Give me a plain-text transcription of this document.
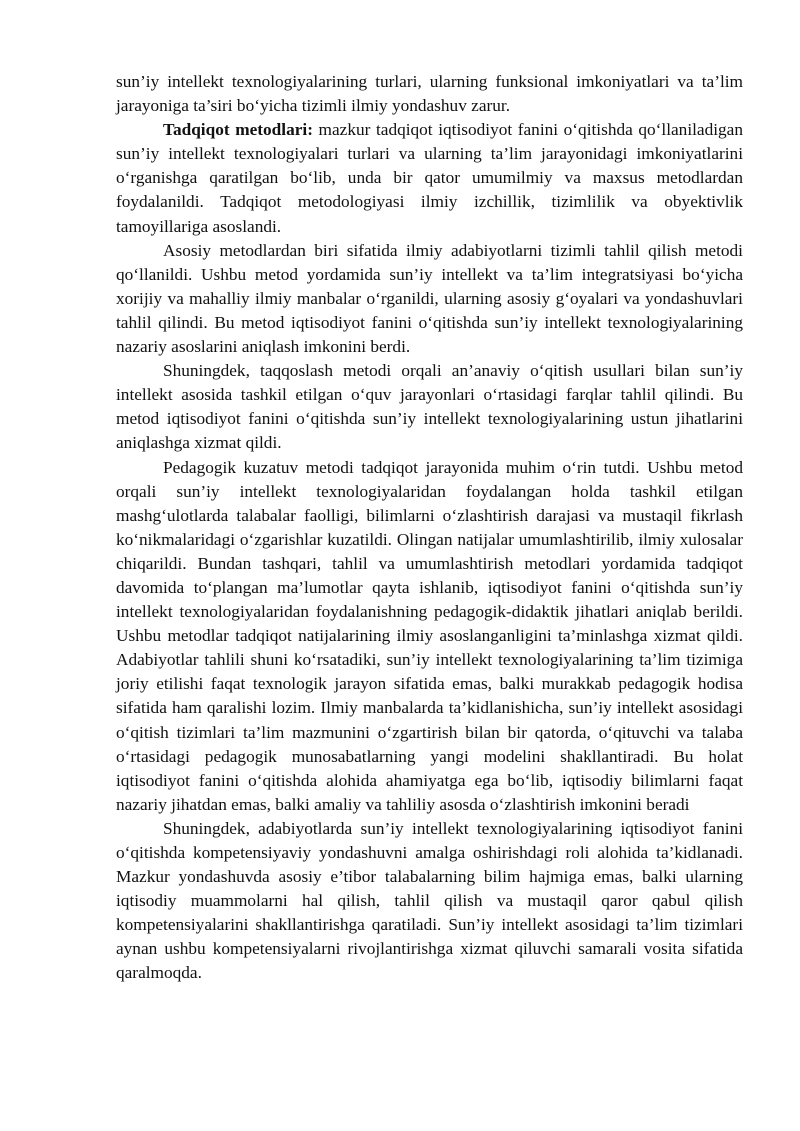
sun’iy intellekt texnologiyalarining turlari, ularning funksional imkoniyatlari va ta’lim jarayoniga ta’siri bo‘yicha tizimli ilmiy yondashuv zarur.

Tadqiqot metodlari: mazkur tadqiqot iqtisodiyot fanini o‘qitishda qo‘llaniladigan sun’iy intellekt texnologiyalari turlari va ularning ta’lim jarayonidagi imkoniyatlarini o‘rganishga qaratilgan bo‘lib, unda bir qator umumilmiy va maxsus metodlardan foydalanildi. Tadqiqot metodologiyasi ilmiy izchillik, tizimlilik va obyektivlik tamoyillariga asoslandi.

Asosiy metodlardan biri sifatida ilmiy adabiyotlarni tizimli tahlil qilish metodi qo‘llanildi. Ushbu metod yordamida sun’iy intellekt va ta’lim integratsiyasi bo‘yicha xorijiy va mahalliy ilmiy manbalar o‘rganildi, ularning asosiy g‘oyalari va yondashuvlari tahlil qilindi. Bu metod iqtisodiyot fanini o‘qitishda sun’iy intellekt texnologiyalarining nazariy asoslarini aniqlash imkonini berdi.

Shuningdek, taqqoslash metodi orqali an’anaviy o‘qitish usullari bilan sun’iy intellekt asosida tashkil etilgan o‘quv jarayonlari o‘rtasidagi farqlar tahlil qilindi. Bu metod iqtisodiyot fanini o‘qitishda sun’iy intellekt texnologiyalarining ustun jihatlarini aniqlashga xizmat qildi.

Pedagogik kuzatuv metodi tadqiqot jarayonida muhim o‘rin tutdi. Ushbu metod orqali sun’iy intellekt texnologiyalaridan foydalangan holda tashkil etilgan mashg‘ulotlarda talabalar faolligi, bilimlarni o‘zlashtirish darajasi va mustaqil fikrlash ko‘nikmalaridagi o‘zgarishlar kuzatildi. Olingan natijalar umumlashtirilib, ilmiy xulosalar chiqarildi. Bundan tashqari, tahlil va umumlashtirish metodlari yordamida tadqiqot davomida to‘plangan ma’lumotlar qayta ishlanib, iqtisodiyot fanini o‘qitishda sun’iy intellekt texnologiyalaridan foydalanishning pedagogik-didaktik jihatlari aniqlab berildi. Ushbu metodlar tadqiqot natijalarining ilmiy asoslanganligini ta’minlashga xizmat qildi. Adabiyotlar tahlili shuni ko‘rsatadiki, sun’iy intellekt texnologiyalarining ta’lim tizimiga joriy etilishi faqat texnologik jarayon sifatida emas, balki murakkab pedagogik hodisa sifatida ham qaralishi lozim. Ilmiy manbalarda ta’kidlanishicha, sun’iy intellekt asosidagi o‘qitish tizimlari ta’lim mazmunini o‘zgartirish bilan bir qatorda, o‘qituvchi va talaba o‘rtasidagi pedagogik munosabatlarning yangi modelini shakllantiradi. Bu holat iqtisodiyot fanini o‘qitishda alohida ahamiyatga ega bo‘lib, iqtisodiy bilimlarni faqat nazariy jihatdan emas, balki amaliy va tahliliy asosda o‘zlashtirish imkonini beradi

Shuningdek, adabiyotlarda sun’iy intellekt texnologiyalarining iqtisodiyot fanini o‘qitishda kompetensiyaviy yondashuvni amalga oshirishdagi roli alohida ta’kidlanadi. Mazkur yondashuvda asosiy e’tibor talabalarning bilim hajmiga emas, balki ularning iqtisodiy muammolarni hal qilish, tahlil qilish va mustaqil qaror qabul qilish kompetensiyalarini shakllantirishga qaratiladi. Sun’iy intellekt asosidagi ta’lim tizimlari aynan ushbu kompetensiyalarni rivojlantirishga xizmat qiluvchi samarali vosita sifatida qaralmoqda.
